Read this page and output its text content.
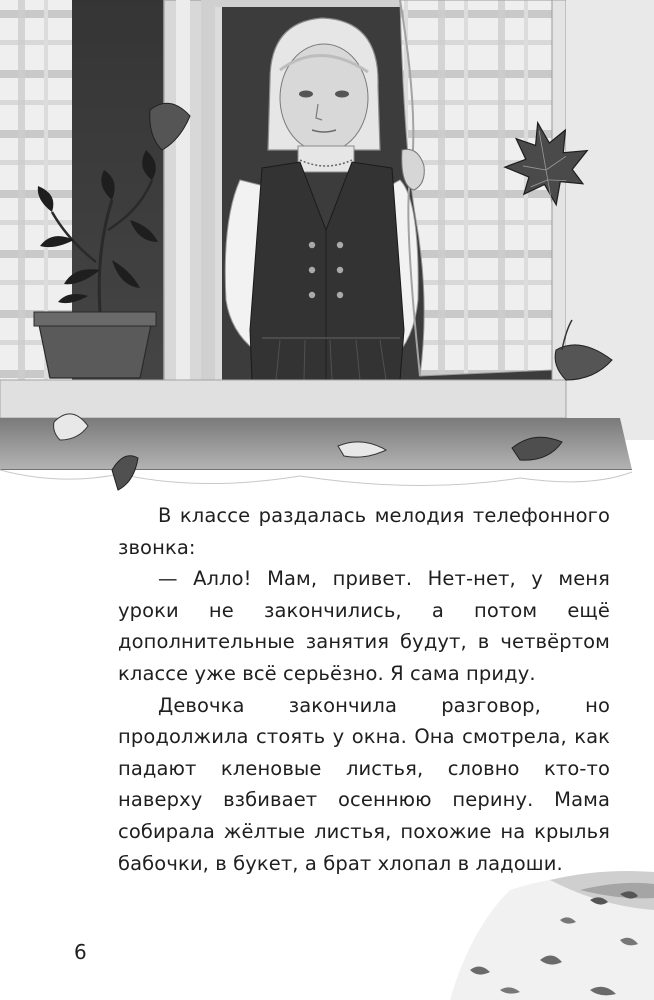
В классе раздалась мелодия телефонного звонка:

— Алло! Мам, привет. Нет-нет, у меня уроки не закончились, а потом ещё дополнительные занятия будут, в четвёртом классе уже всё серьёзно. Я сама приду.

Девочка закончила разговор, но продолжила стоять у окна. Она смотрела, как падают кленовые листья, словно кто-то наверху взбивает осеннюю перину. Мама собирала жёлтые листья, похожие на крылья бабочки, в букет, а брат хлопал в ладоши.

6
